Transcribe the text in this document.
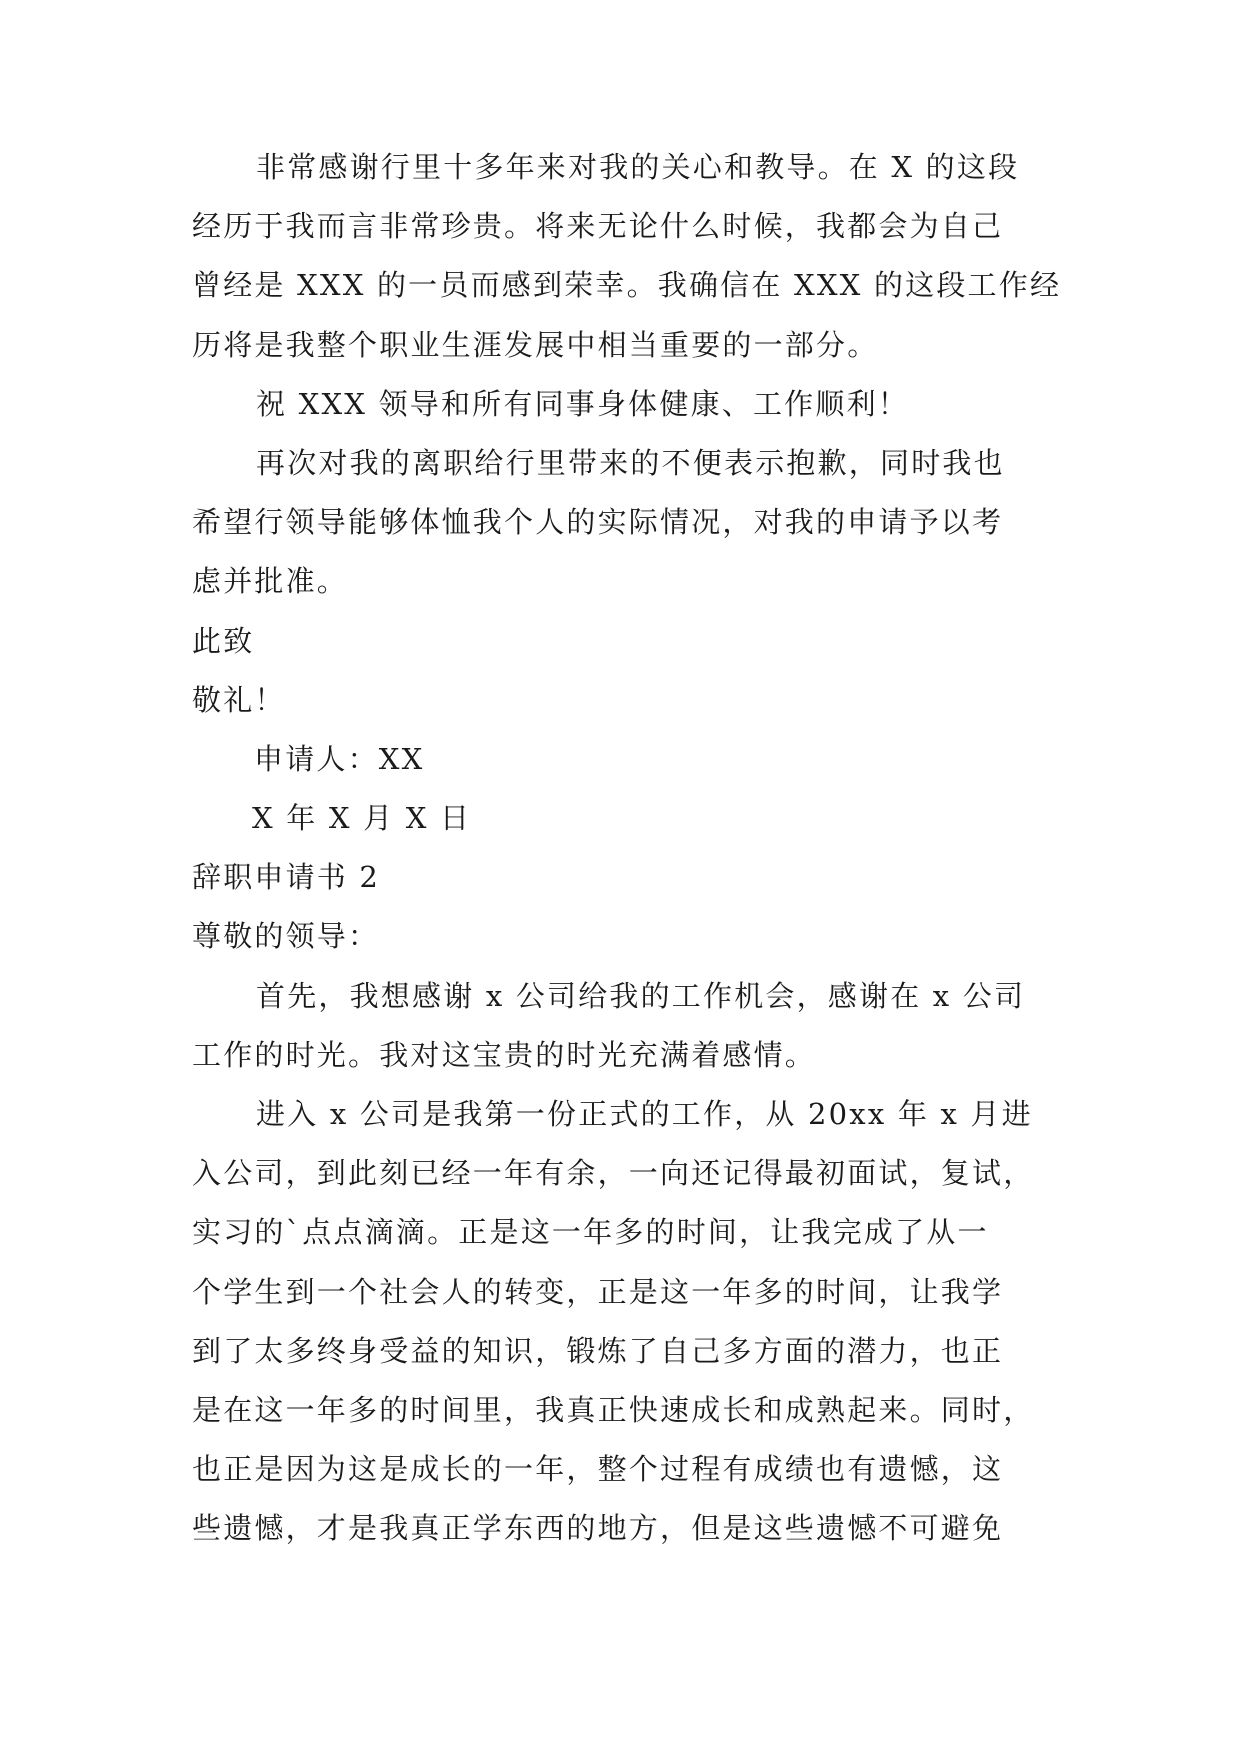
非常感谢行里十多年来对我的关心和教导。在 X 的这段
经历于我而言非常珍贵。将来无论什么时候，我都会为自己
曾经是 XXX 的一员而感到荣幸。我确信在 XXX 的这段工作经
历将是我整个职业生涯发展中相当重要的一部分。
祝 XXX 领导和所有同事身体健康、工作顺利！
再次对我的离职给行里带来的不便表示抱歉，同时我也
希望行领导能够体恤我个人的实际情况，对我的申请予以考
虑并批准。
此致
敬礼！
申请人：XX
X 年 X 月 X 日
辞职申请书 2
尊敬的领导：
首先，我想感谢 x 公司给我的工作机会，感谢在 x 公司
工作的时光。我对这宝贵的时光充满着感情。
进入 x 公司是我第一份正式的工作，从 20xx 年 x 月进
入公司，到此刻已经一年有余，一向还记得最初面试，复试，
实习的`点点滴滴。正是这一年多的时间，让我完成了从一
个学生到一个社会人的转变，正是这一年多的时间，让我学
到了太多终身受益的知识，锻炼了自己多方面的潜力，也正
是在这一年多的时间里，我真正快速成长和成熟起来。同时，
也正是因为这是成长的一年，整个过程有成绩也有遗憾，这
些遗憾，才是我真正学东西的地方，但是这些遗憾不可避免
